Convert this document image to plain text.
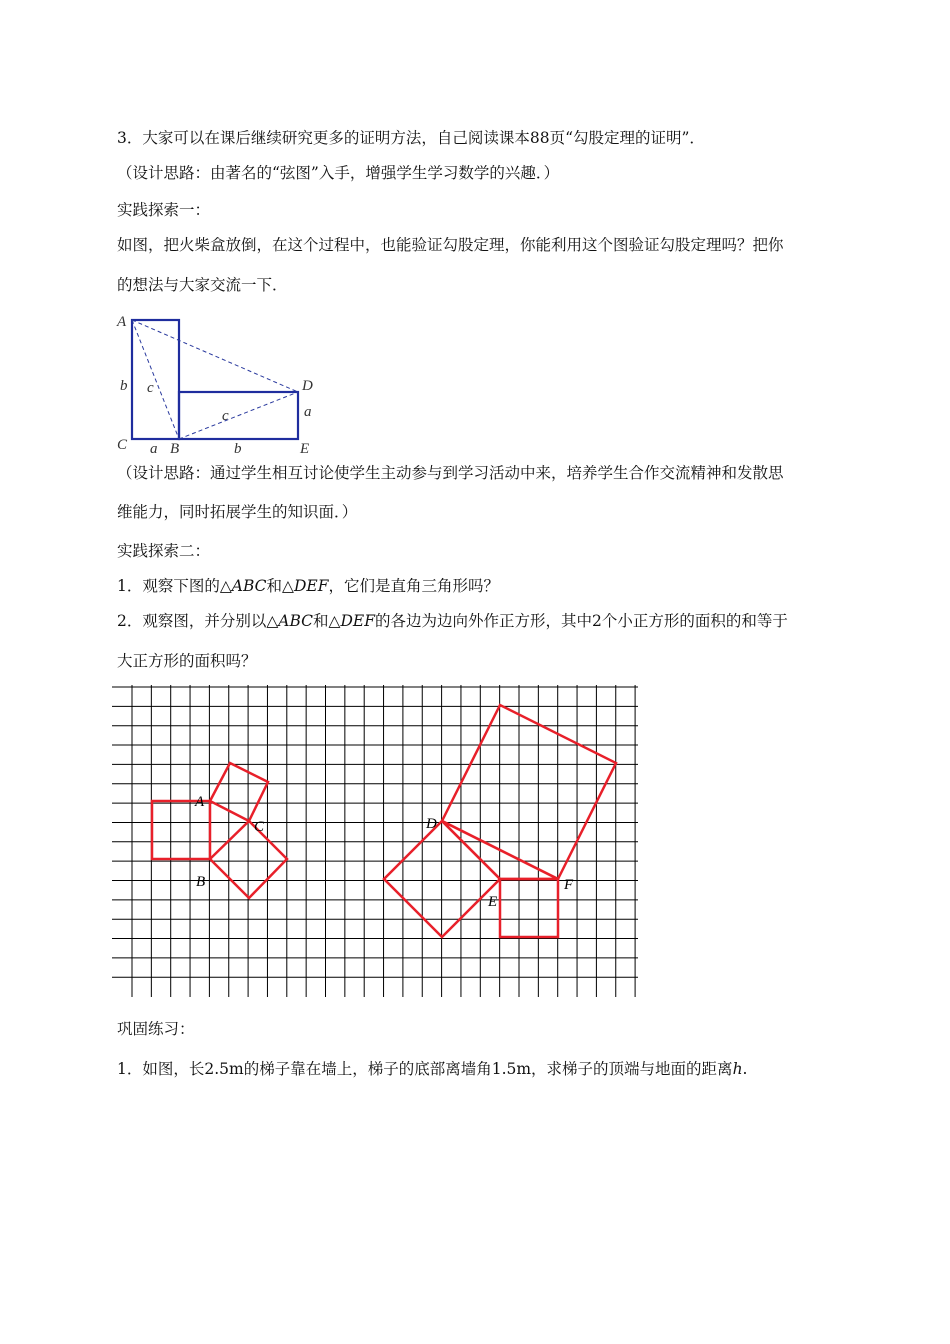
3．大家可以在课后继续研究更多的证明方法，自己阅读课本88页“勾股定理的证明”．
（设计思路：由著名的“弦图”入手，增强学生学习数学的兴趣．）
实践探索一：
如图，把火柴盒放倒，在这个过程中，也能验证勾股定理，你能利用这个图验证勾股定理吗？把你
的想法与大家交流一下．
A
C	B
D
E
b c
c	a
a	b
（设计思路：通过学生相互讨论使学生主动参与到学习活动中来，培养学生合作交流精神和发散思
维能力，同时拓展学生的知识面．）
实践探索二：
1．观察下图的△ABC和△DEF，它们是直角三角形吗？
2．观察图，并分别以△ABC和△DEF的各边为边向外作正方形，其中2个小正方形的面积的和等于
大正方形的面积吗？
A
C
B
D
E
F
巩固练习：
1．如图，长2.5m的梯子靠在墙上，梯子的底部离墙角1.5m，求梯子的顶端与地面的距离h.
